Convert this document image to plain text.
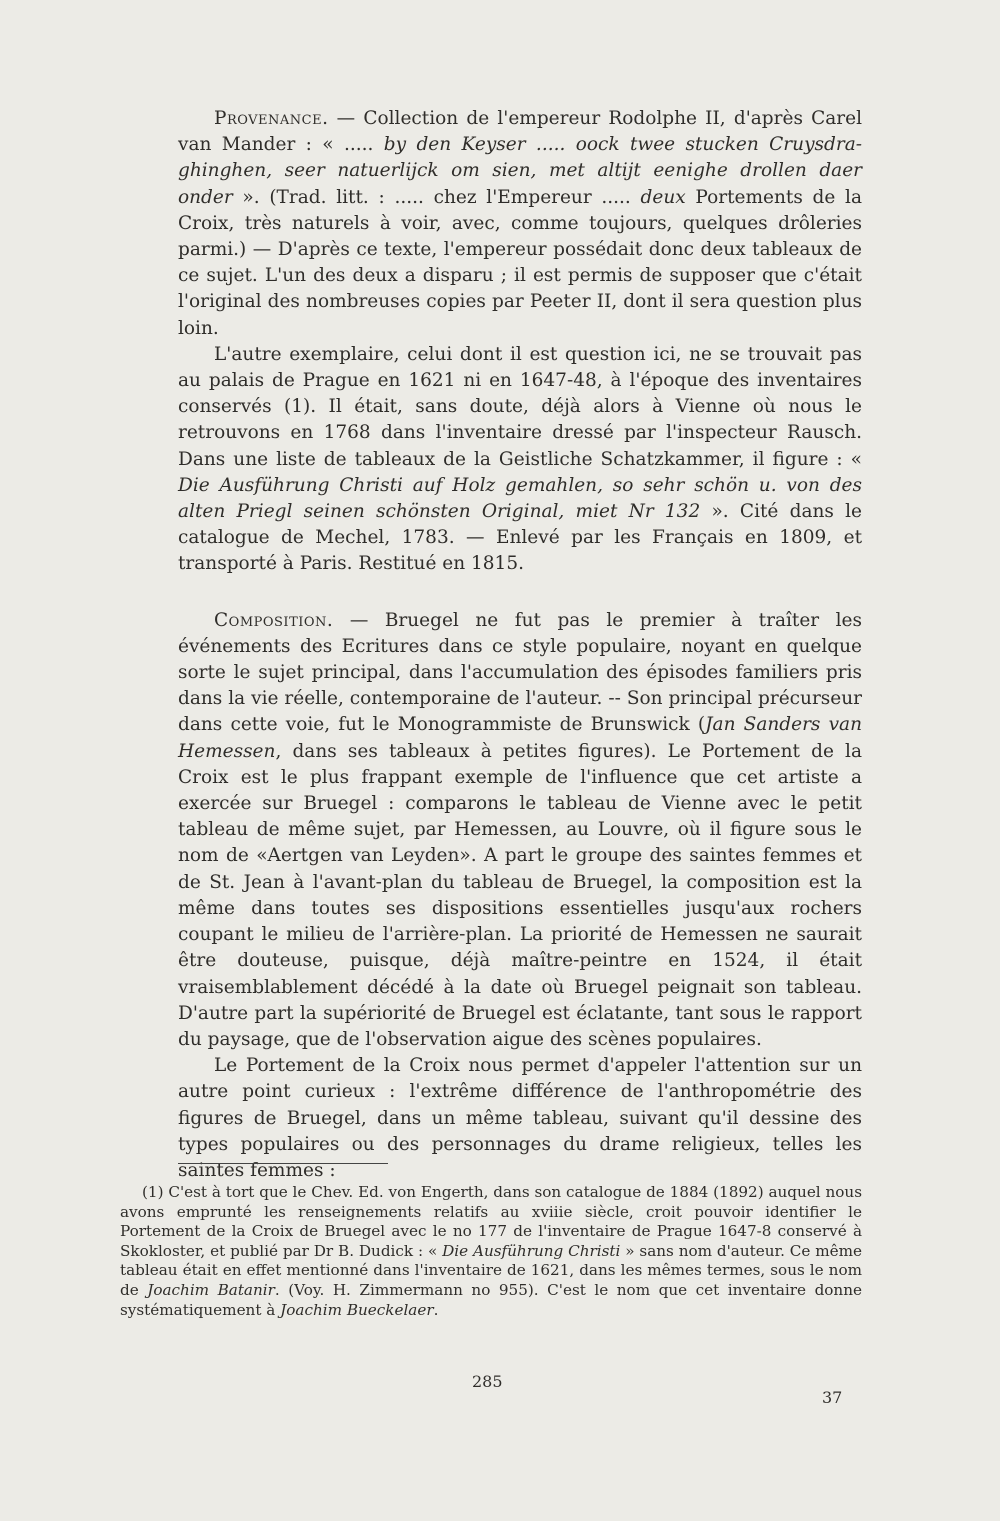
Provenance. — Collection de l'empereur Rodolphe II, d'après Carel van Mander : « ..... by den Keyser ..... oock twee stucken Cruysdra-ghinghen, seer natuerlijck om sien, met altijt eenighe drollen daer onder ». (Trad. litt. : ..... chez l'Empereur ..... deux Portements de la Croix, très naturels à voir, avec, comme toujours, quelques drôleries parmi.) — D'après ce texte, l'empereur possédait donc deux tableaux de ce sujet. L'un des deux a disparu ; il est permis de supposer que c'était l'original des nombreuses copies par Peeter II, dont il sera question plus loin.

L'autre exemplaire, celui dont il est question ici, ne se trouvait pas au palais de Prague en 1621 ni en 1647-48, à l'époque des inventaires conservés (1). Il était, sans doute, déjà alors à Vienne où nous le retrouvons en 1768 dans l'inventaire dressé par l'inspecteur Rausch. Dans une liste de tableaux de la Geistliche Schatzkammer, il figure : « Die Ausführung Christi auf Holz gemahlen, so sehr schön u. von des alten Priegl seinen schönsten Original, miet Nr 132 ». Cité dans le catalogue de Mechel, 1783. — Enlevé par les Français en 1809, et transporté à Paris. Restitué en 1815.

Composition. — Bruegel ne fut pas le premier à traîter les événements des Ecritures dans ce style populaire, noyant en quelque sorte le sujet principal, dans l'accumulation des épisodes familiers pris dans la vie réelle, contemporaine de l'auteur. -- Son principal précurseur dans cette voie, fut le Monogrammiste de Brunswick (Jan Sanders van Hemessen, dans ses tableaux à petites figures). Le Portement de la Croix est le plus frappant exemple de l'influence que cet artiste a exercée sur Bruegel : comparons le tableau de Vienne avec le petit tableau de même sujet, par Hemessen, au Louvre, où il figure sous le nom de «Aertgen van Leyden». A part le groupe des saintes femmes et de St. Jean à l'avant-plan du tableau de Bruegel, la composition est la même dans toutes ses dispositions essentielles jusqu'aux rochers coupant le milieu de l'arrière-plan. La priorité de Hemessen ne saurait être douteuse, puisque, déjà maître-peintre en 1524, il était vraisemblablement décédé à la date où Bruegel peignait son tableau. D'autre part la supériorité de Bruegel est éclatante, tant sous le rapport du paysage, que de l'observation aigue des scènes populaires.

Le Portement de la Croix nous permet d'appeler l'attention sur un autre point curieux : l'extrême différence de l'anthropométrie des figures de Bruegel, dans un même tableau, suivant qu'il dessine des types populaires ou des personnages du drame religieux, telles les saintes femmes :

(1) C'est à tort que le Chev. Ed. von Engerth, dans son catalogue de 1884 (1892) auquel nous avons emprunté les renseignements relatifs au xviiie siècle, croit pouvoir identifier le Portement de la Croix de Bruegel avec le no 177 de l'inventaire de Prague 1647-8 conservé à Skokloster, et publié par Dr B. Dudick : « Die Ausführung Christi » sans nom d'auteur. Ce même tableau était en effet mentionné dans l'inventaire de 1621, dans les mêmes termes, sous le nom de Joachim Batanir. (Voy. H. Zimmermann no 955). C'est le nom que cet inventaire donne systématiquement à Joachim Bueckelaer.

285
37
